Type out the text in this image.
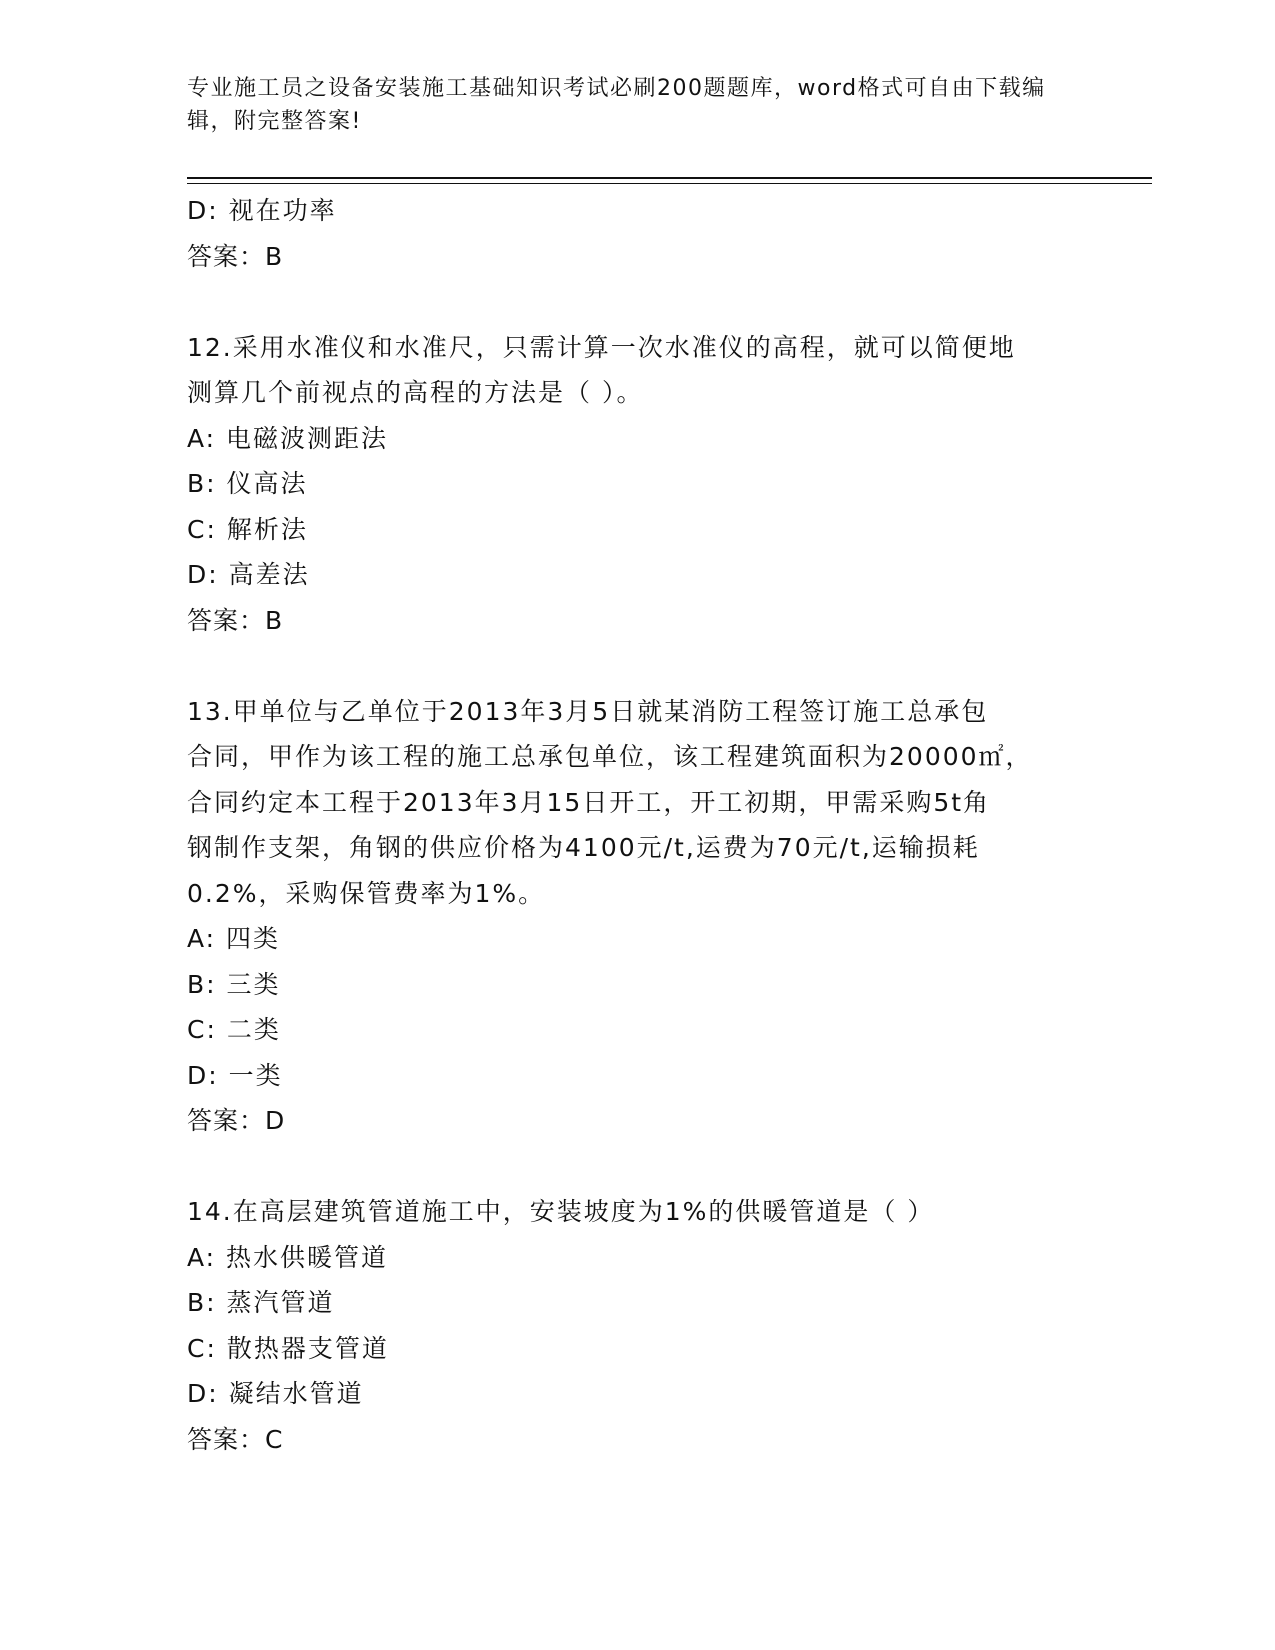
专业施工员之设备安装施工基础知识考试必刷200题题库，word格式可自由下载编辑，附完整答案!
D: 视在功率
答案：B
12.采用水准仪和水准尺，只需计算一次水准仪的高程，就可以简便地
测算几个前视点的高程的方法是（ ）。
A: 电磁波测距法
B: 仪高法
C: 解析法
D: 高差法
答案：B
13.甲单位与乙单位于2013年3月5日就某消防工程签订施工总承包
合同，甲作为该工程的施工总承包单位，该工程建筑面积为20000㎡，
合同约定本工程于2013年3月15日开工，开工初期，甲需采购5t角
钢制作支架，角钢的供应价格为4100元/t,运费为70元/t,运输损耗
0.2%，采购保管费率为1%。
A: 四类
B: 三类
C: 二类
D: 一类
答案：D
14.在高层建筑管道施工中，安装坡度为1%的供暖管道是（ ）
A: 热水供暖管道
B: 蒸汽管道
C: 散热器支管道
D: 凝结水管道
答案：C
